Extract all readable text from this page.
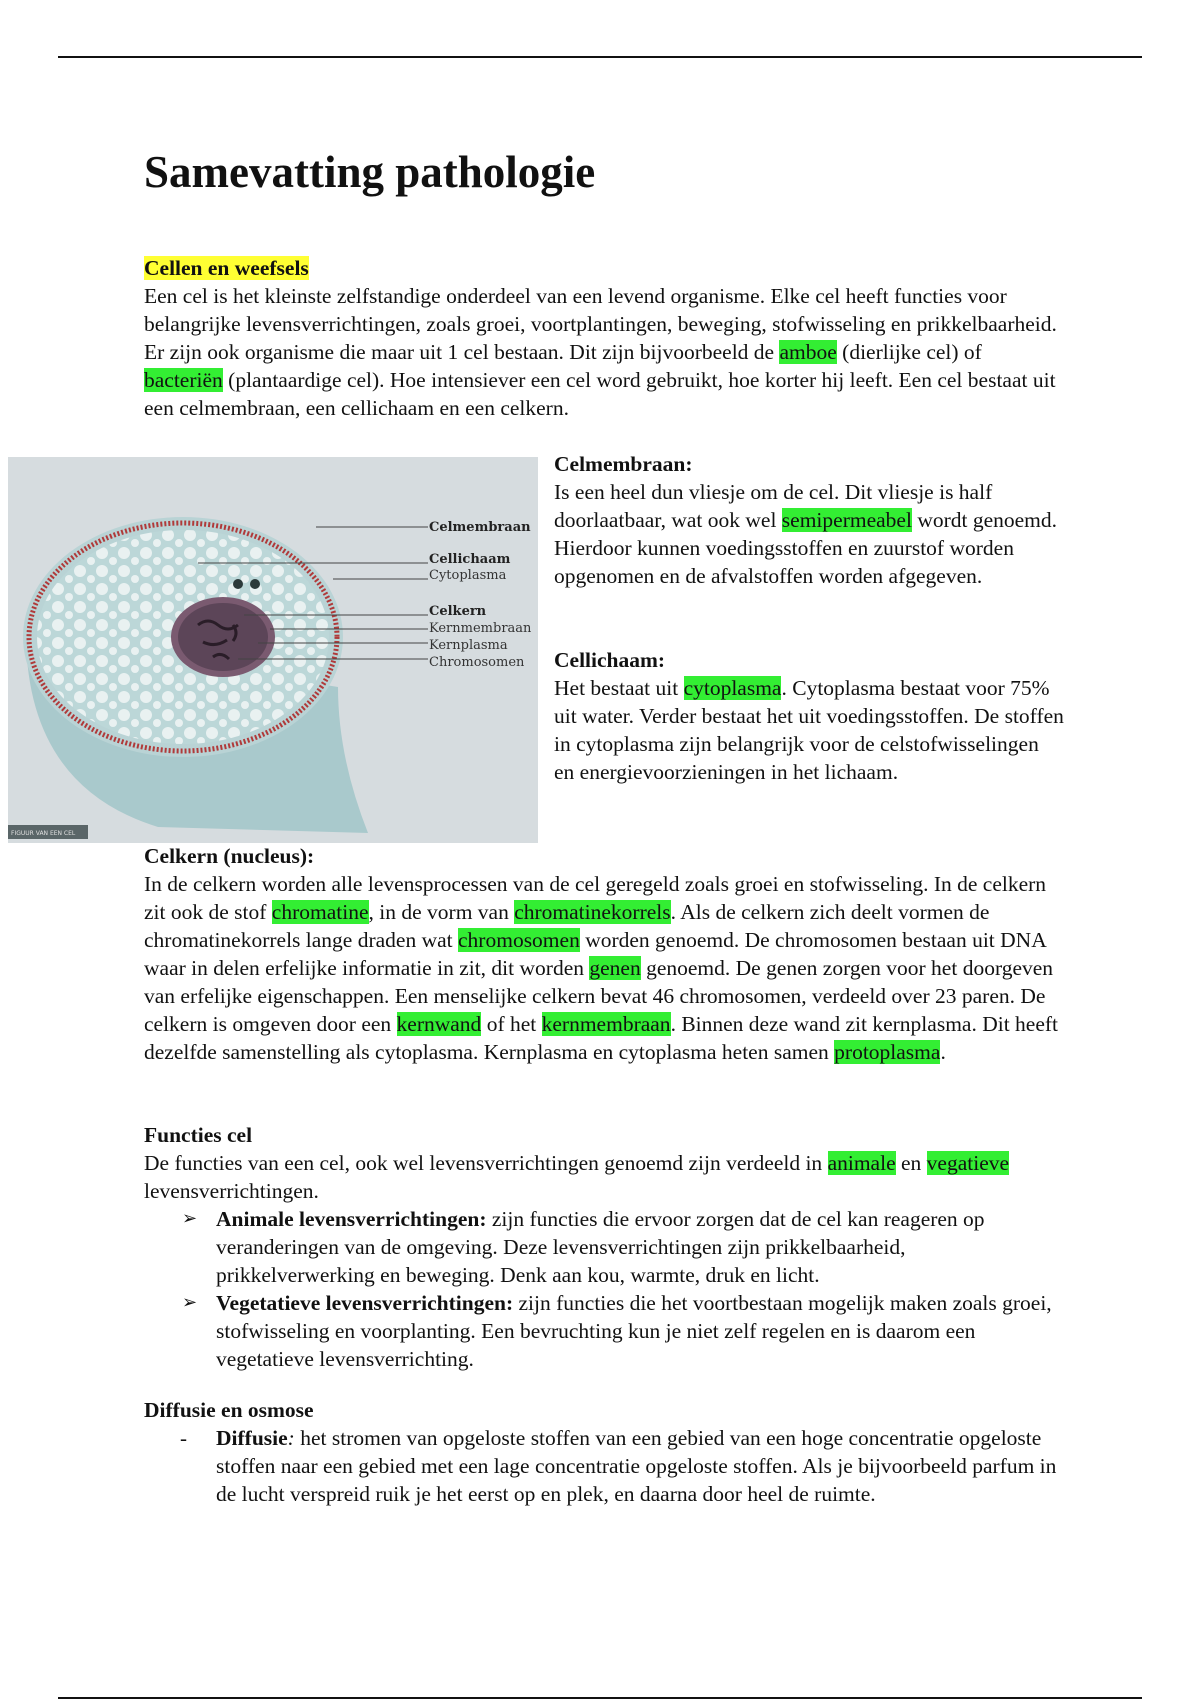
Samevatting pathologie

Cellen en weefsels

Een cel is het kleinste zelfstandige onderdeel van een levend organisme. Elke cel heeft functies voor belangrijke levensverrichtingen, zoals groei, voortplantingen, beweging, stofwisseling en prikkelbaarheid. Er zijn ook organisme die maar uit 1 cel bestaan. Dit zijn bijvoorbeeld de amboe (dierlijke cel) of bacteriën (plantaardige cel). Hoe intensiever een cel word gebruikt, hoe korter hij leeft. Een cel bestaat uit een celmembraan, een cellichaam en een celkern.

Celmembraan
Cellichaam
Cytoplasma
Celkern
Kernmembraan
Kernplasma
Chromosomen
FIGUUR VAN EEN CEL

Celmembraan:

Is een heel dun vliesje om de cel. Dit vliesje is half doorlaatbaar, wat ook wel semipermeabel wordt genoemd. Hierdoor kunnen voedingsstoffen en zuurstof worden opgenomen en de afvalstoffen worden afgegeven.

Cellichaam:

Het bestaat uit cytoplasma. Cytoplasma bestaat voor 75% uit water. Verder bestaat het uit voedingsstoffen. De stoffen in cytoplasma zijn belangrijk voor de celstofwisselingen en energievoorzieningen in het lichaam.

Celkern (nucleus):

In de celkern worden alle levensprocessen van de cel geregeld zoals groei en stofwisseling. In de celkern zit ook de stof chromatine, in de vorm van chromatinekorrels. Als de celkern zich deelt vormen de chromatinekorrels lange draden wat chromosomen worden genoemd. De chromosomen bestaan uit DNA waar in delen erfelijke informatie in zit, dit worden genen genoemd. De genen zorgen voor het doorgeven van erfelijke eigenschappen. Een menselijke celkern bevat 46 chromosomen, verdeeld over 23 paren. De celkern is omgeven door een kernwand of het kernmembraan. Binnen deze wand zit kernplasma. Dit heeft dezelfde samenstelling als cytoplasma. Kernplasma en cytoplasma heten samen protoplasma.

Functies cel

De functies van een cel, ook wel levensverrichtingen genoemd zijn verdeeld in animale en vegatieve levensverrichtingen.

➢ Animale levensverrichtingen: zijn functies die ervoor zorgen dat de cel kan reageren op veranderingen van de omgeving. Deze levensverrichtingen zijn prikkelbaarheid, prikkelverwerking en beweging. Denk aan kou, warmte, druk en licht.
➢ Vegetatieve levensverrichtingen: zijn functies die het voortbestaan mogelijk maken zoals groei, stofwisseling en voorplanting. Een bevruchting kun je niet zelf regelen en is daarom een vegetatieve levensverrichting.

Diffusie en osmose

- Diffusie: het stromen van opgeloste stoffen van een gebied van een hoge concentratie opgeloste stoffen naar een gebied met een lage concentratie opgeloste stoffen. Als je bijvoorbeeld parfum in de lucht verspreid ruik je het eerst op en plek, en daarna door heel de ruimte.
